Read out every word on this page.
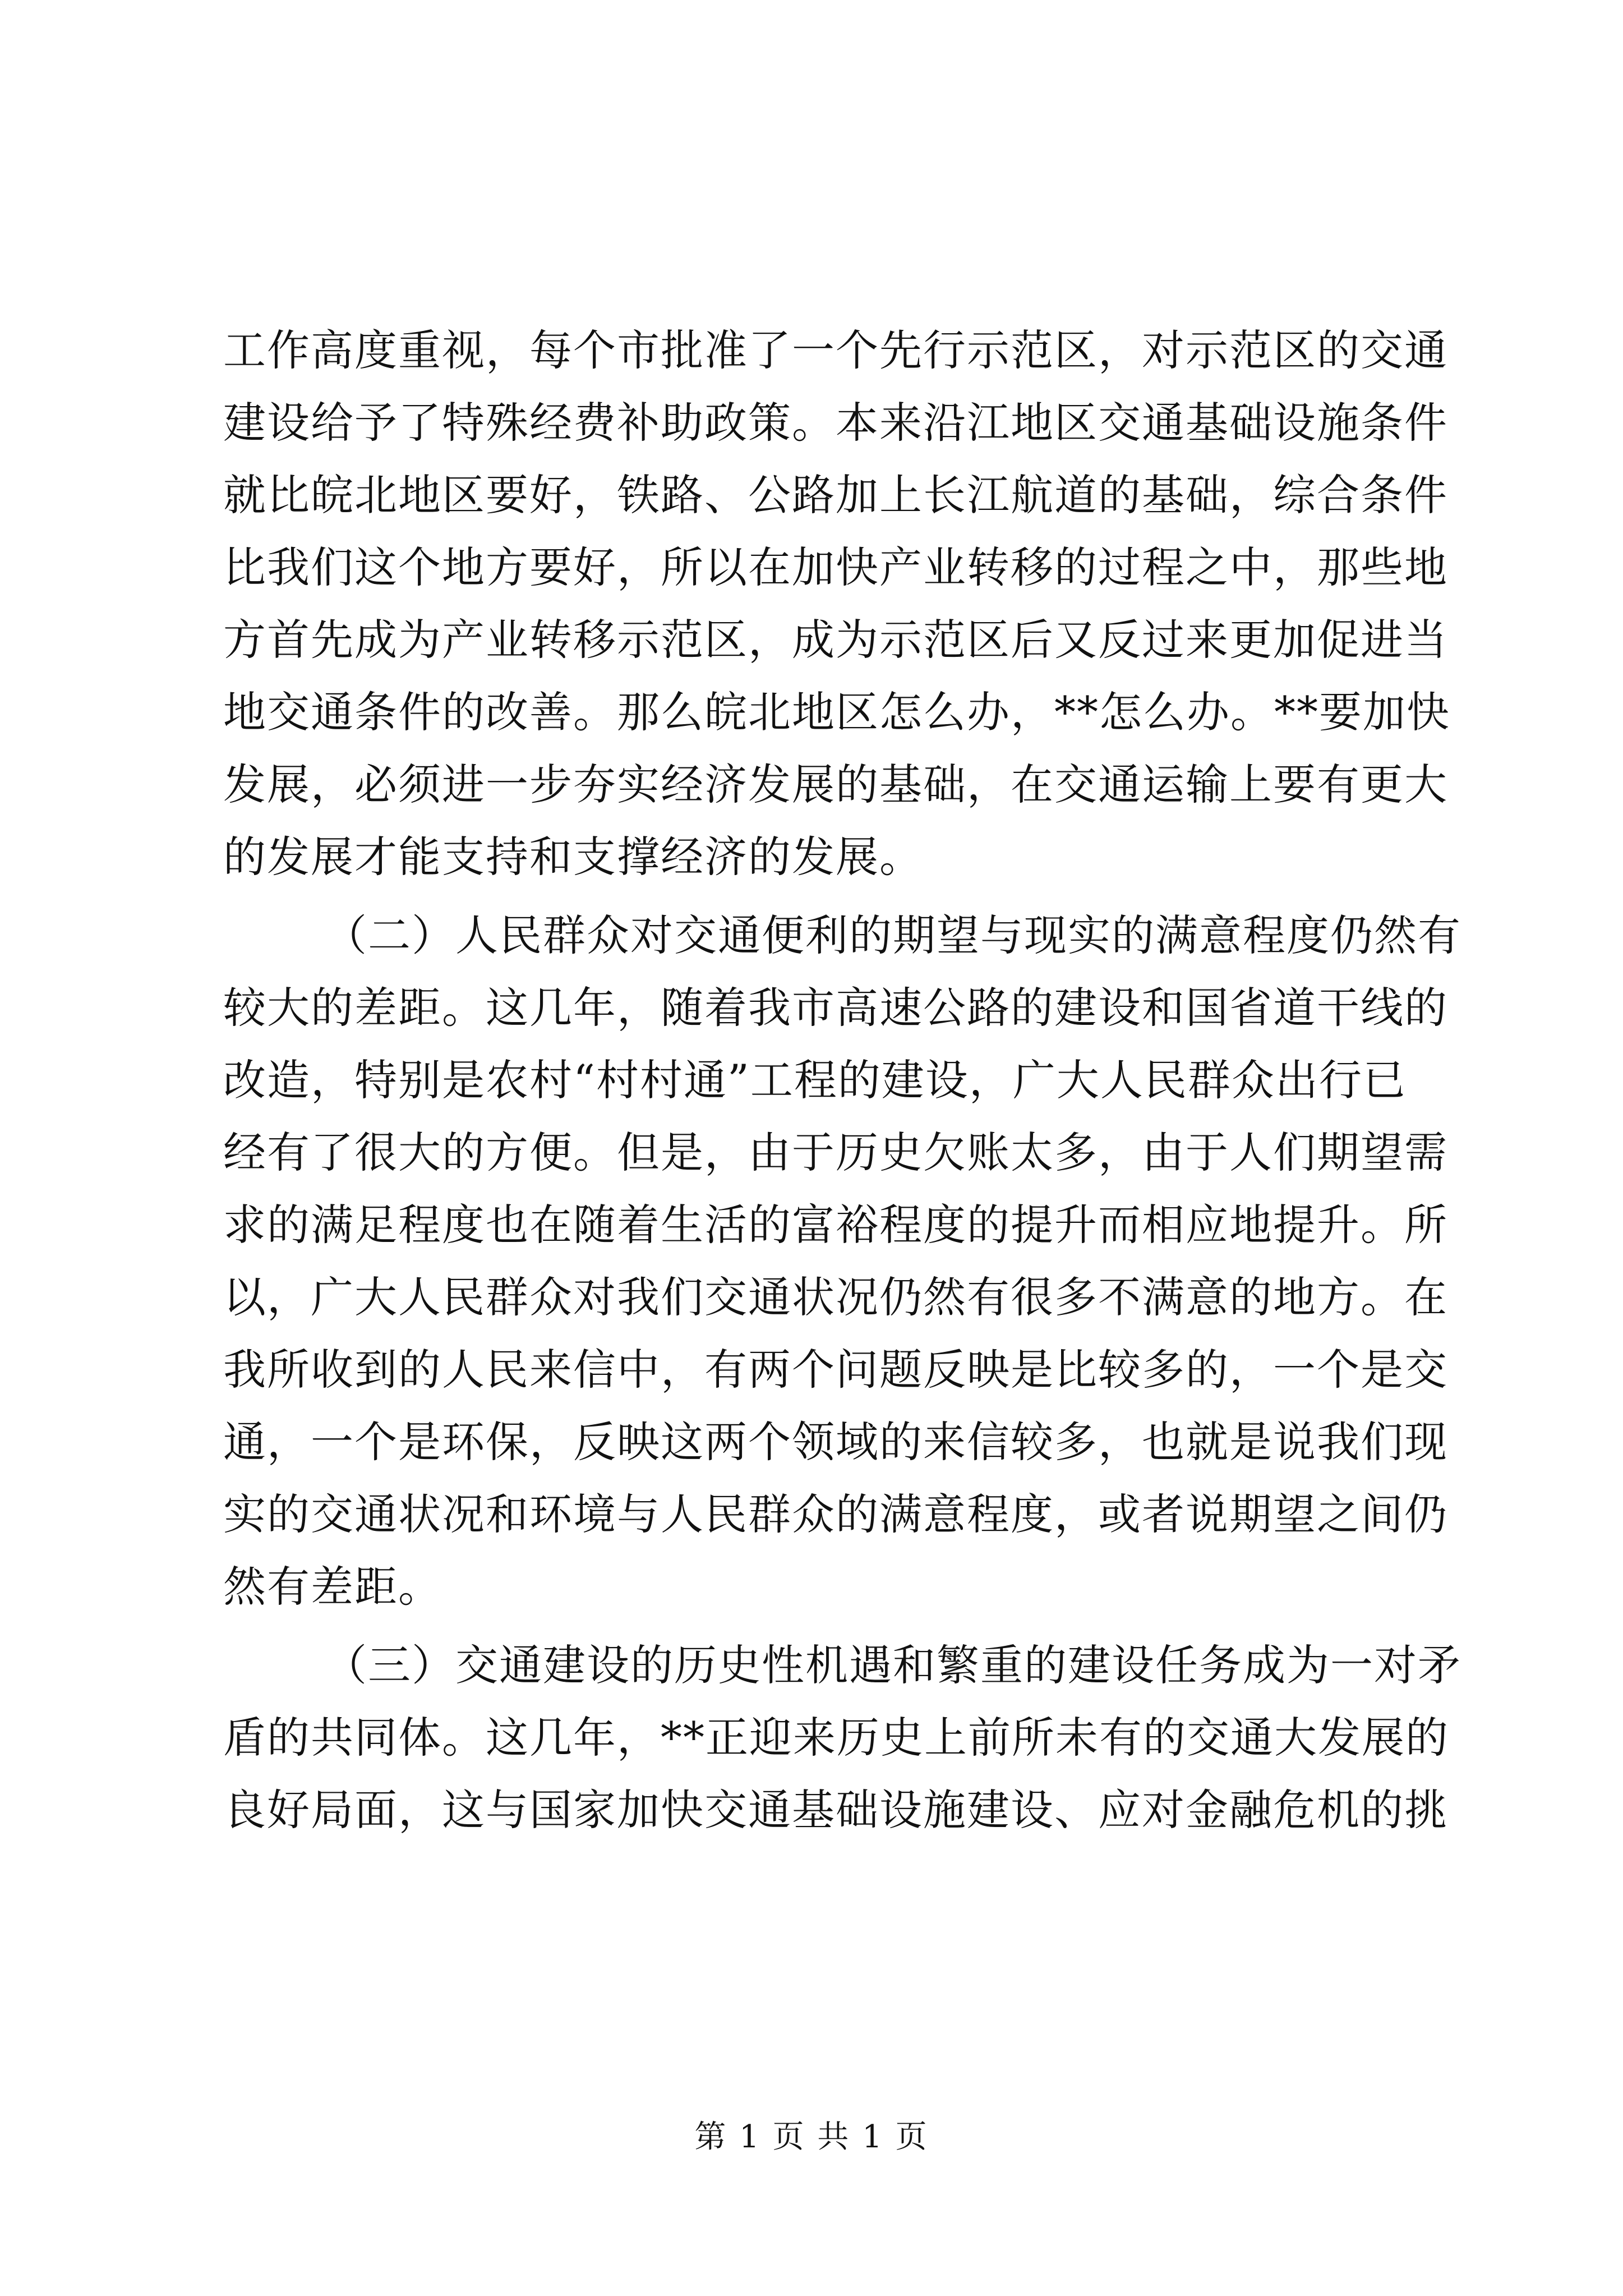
工作高度重视，每个市批准了一个先行示范区，对示范区的交通
建设给予了特殊经费补助政策。本来沿江地区交通基础设施条件
就比皖北地区要好，铁路、公路加上长江航道的基础，综合条件
比我们这个地方要好，所以在加快产业转移的过程之中，那些地
方首先成为产业转移示范区，成为示范区后又反过来更加促进当
地交通条件的改善。那么皖北地区怎么办，**怎么办。**要加快
发展，必须进一步夯实经济发展的基础，在交通运输上要有更大
的发展才能支持和支撑经济的发展。
（二）人民群众对交通便利的期望与现实的满意程度仍然有
较大的差距。这几年，随着我市高速公路的建设和国省道干线的
改造，特别是农村“村村通”工程的建设，广大人民群众出行已
经有了很大的方便。但是，由于历史欠账太多，由于人们期望需
求的满足程度也在随着生活的富裕程度的提升而相应地提升。所
以，广大人民群众对我们交通状况仍然有很多不满意的地方。在
我所收到的人民来信中，有两个问题反映是比较多的，一个是交
通，一个是环保，反映这两个领域的来信较多，也就是说我们现
实的交通状况和环境与人民群众的满意程度，或者说期望之间仍
然有差距。
（三）交通建设的历史性机遇和繁重的建设任务成为一对矛
盾的共同体。这几年，**正迎来历史上前所未有的交通大发展的
良好局面，这与国家加快交通基础设施建设、应对金融危机的挑
第 1 页 共 1 页
